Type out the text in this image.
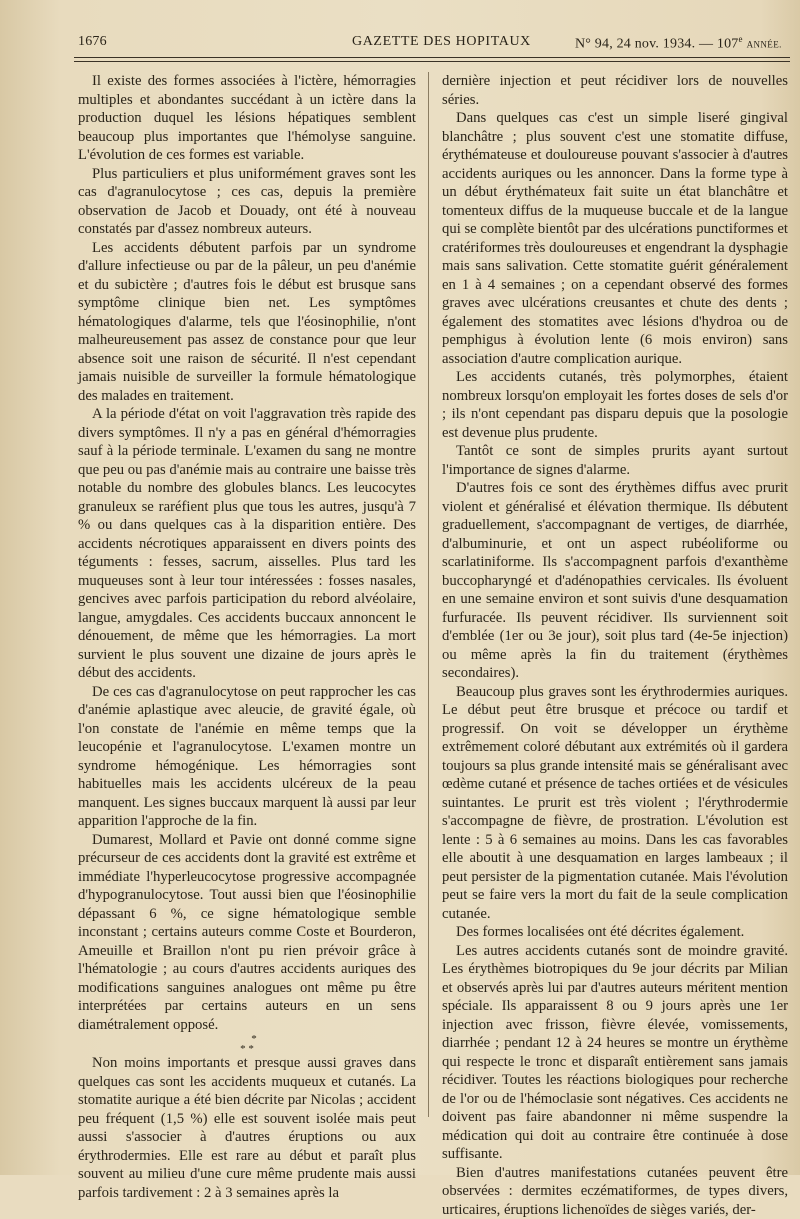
1676	GAZETTE DES HOPITAUX	N° 94, 24 nov. 1934. — 107e ANNÉE.

Il existe des formes associées à l'ictère, hémorragies multiples et abondantes succédant à un ictère dans la production duquel les lésions hépatiques semblent beaucoup plus importantes que l'hémolyse sanguine. L'évolution de ces formes est variable.

Plus particuliers et plus uniformément graves sont les cas d'agranulocytose ; ces cas, depuis la première observation de Jacob et Douady, ont été à nouveau constatés par d'assez nombreux auteurs.

Les accidents débutent parfois par un syndrome d'allure infectieuse ou par de la pâleur, un peu d'anémie et du subictère ; d'autres fois le début est brusque sans symptôme clinique bien net. Les symptômes hématologiques d'alarme, tels que l'éosinophilie, n'ont malheureusement pas assez de constance pour que leur absence soit une raison de sécurité. Il n'est cependant jamais nuisible de surveiller la formule hématologique des malades en traitement.

A la période d'état on voit l'aggravation très rapide des divers symptômes. Il n'y a pas en général d'hémorragies sauf à la période terminale. L'examen du sang ne montre que peu ou pas d'anémie mais au contraire une baisse très notable du nombre des globules blancs. Les leucocytes granuleux se raréfient plus que tous les autres, jusqu'à 7 % ou dans quelques cas à la disparition entière. Des accidents nécrotiques apparaissent en divers points des téguments : fesses, sacrum, aisselles. Plus tard les muqueuses sont à leur tour intéressées : fosses nasales, gencives avec parfois participation du rebord alvéolaire, langue, amygdales. Ces accidents buccaux annoncent le dénouement, de même que les hémorragies. La mort survient le plus souvent une dizaine de jours après le début des accidents.

De ces cas d'agranulocytose on peut rapprocher les cas d'anémie aplastique avec aleucie, de gravité égale, où l'on constate de l'anémie en même temps que la leucopénie et l'agranulocytose. L'examen montre un syndrome hémogénique. Les hémorragies sont habituelles mais les accidents ulcéreux de la peau manquent. Les signes buccaux marquent là aussi par leur apparition l'approche de la fin.

Dumarest, Mollard et Pavie ont donné comme signe précurseur de ces accidents dont la gravité est extrême et immédiate l'hyperleucocytose progressive accompagnée d'hypogranulocytose. Tout aussi bien que l'éosinophilie dépassant 6 %, ce signe hématologique semble inconstant ; certains auteurs comme Coste et Bourderon, Ameuille et Braillon n'ont pu rien prévoir grâce à l'hématologie ; au cours d'autres accidents auriques des modifications sanguines analogues ont même pu être interprétées par certains auteurs en un sens diamétralement opposé.

*
* *

Non moins importants et presque aussi graves dans quelques cas sont les accidents muqueux et cutanés. La stomatite aurique a été bien décrite par Nicolas ; accident peu fréquent (1,5 %) elle est souvent isolée mais peut aussi s'associer à d'autres éruptions ou aux érythrodermies. Elle est rare au début et paraît plus souvent au milieu d'une cure même prudente mais aussi parfois tardivement : 2 à 3 semaines après la

dernière injection et peut récidiver lors de nouvelles séries.

Dans quelques cas c'est un simple liseré gingival blanchâtre ; plus souvent c'est une stomatite diffuse, érythémateuse et douloureuse pouvant s'associer à d'autres accidents auriques ou les annoncer. Dans la forme type à un début érythémateux fait suite un état blanchâtre et tomenteux diffus de la muqueuse buccale et de la langue qui se complète bientôt par des ulcérations punctiformes et cratériformes très douloureuses et engendrant la dysphagie mais sans salivation. Cette stomatite guérit généralement en 1 à 4 semaines ; on a cependant observé des formes graves avec ulcérations creusantes et chute des dents ; également des stomatites avec lésions d'hydroa ou de pemphigus à évolution lente (6 mois environ) sans association d'autre complication aurique.

Les accidents cutanés, très polymorphes, étaient nombreux lorsqu'on employait les fortes doses de sels d'or ; ils n'ont cependant pas disparu depuis que la posologie est devenue plus prudente.

Tantôt ce sont de simples prurits ayant surtout l'importance de signes d'alarme.

D'autres fois ce sont des érythèmes diffus avec prurit violent et généralisé et élévation thermique. Ils débutent graduellement, s'accompagnant de vertiges, de diarrhée, d'albuminurie, et ont un aspect rubéoliforme ou scarlatiniforme. Ils s'accompagnent parfois d'exanthème buccopharyngé et d'adénopathies cervicales. Ils évoluent en une semaine environ et sont suivis d'une desquamation furfuracée. Ils peuvent récidiver. Ils surviennent soit d'emblée (1er ou 3e jour), soit plus tard (4e-5e injection) ou même après la fin du traitement (érythèmes secondaires).

Beaucoup plus graves sont les érythrodermies auriques. Le début peut être brusque et précoce ou tardif et progressif. On voit se développer un érythème extrêmement coloré débutant aux extrémités où il gardera toujours sa plus grande intensité mais se généralisant avec œdème cutané et présence de taches ortiées et de vésicules suintantes. Le prurit est très violent ; l'érythrodermie s'accompagne de fièvre, de prostration. L'évolution est lente : 5 à 6 semaines au moins. Dans les cas favorables elle aboutit à une desquamation en larges lambeaux ; il peut persister de la pigmentation cutanée. Mais l'évolution peut se faire vers la mort du fait de la seule complication cutanée.

Des formes localisées ont été décrites également.

Les autres accidents cutanés sont de moindre gravité. Les érythèmes biotropiques du 9e jour décrits par Milian et observés après lui par d'autres auteurs méritent mention spéciale. Ils apparaissent 8 ou 9 jours après une 1er injection avec frisson, fièvre élevée, vomissements, diarrhée ; pendant 12 à 24 heures se montre un érythème qui respecte le tronc et disparaît entièrement sans jamais récidiver. Toutes les réactions biologiques pour recherche de l'or ou de l'hémoclasie sont négatives. Ces accidents ne doivent pas faire abandonner ni même suspendre la médication qui doit au contraire être continuée à dose suffisante.

Bien d'autres manifestations cutanées peuvent être observées : dermites eczématiformes, de types divers, urticaires, éruptions lichenoïdes de sièges variés, der-
